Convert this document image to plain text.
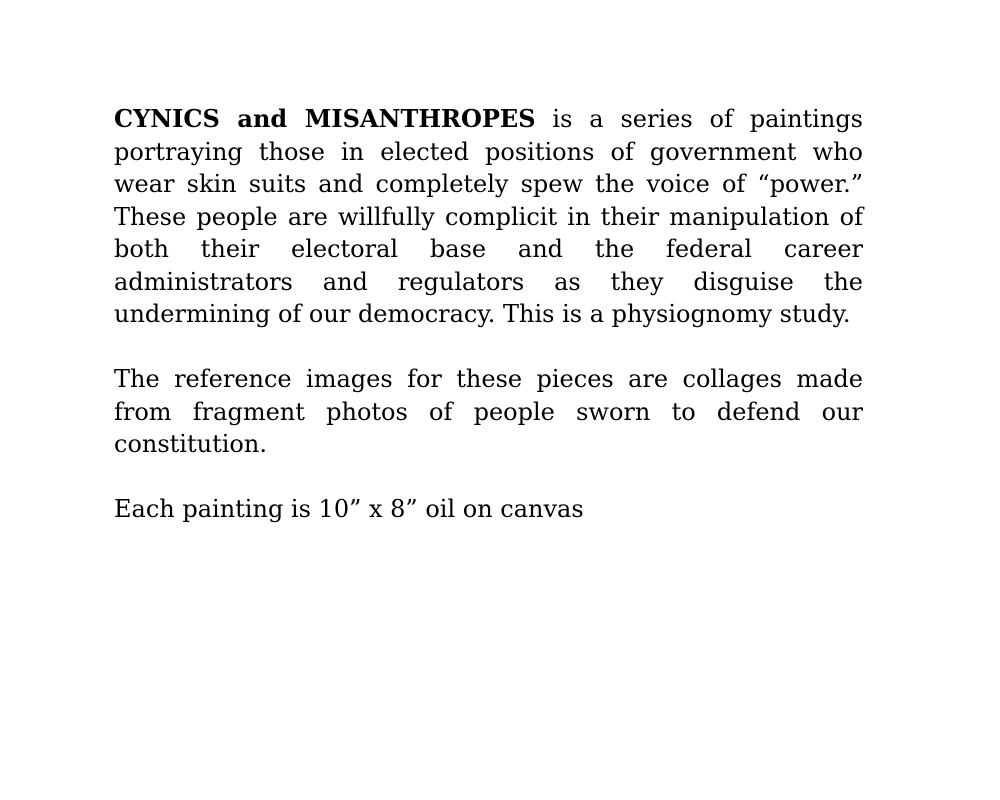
CYNICS and MISANTHROPES is a series of paintings portraying those in elected positions of government who wear skin suits and completely spew the voice of “power.” These people are willfully complicit in their manipulation of both their electoral base and the federal career administrators and regulators as they disguise the undermining of our democracy. This is a physiognomy study.

The reference images for these pieces are collages made from fragment photos of people sworn to defend our constitution.

Each painting is 10” x 8” oil on canvas
